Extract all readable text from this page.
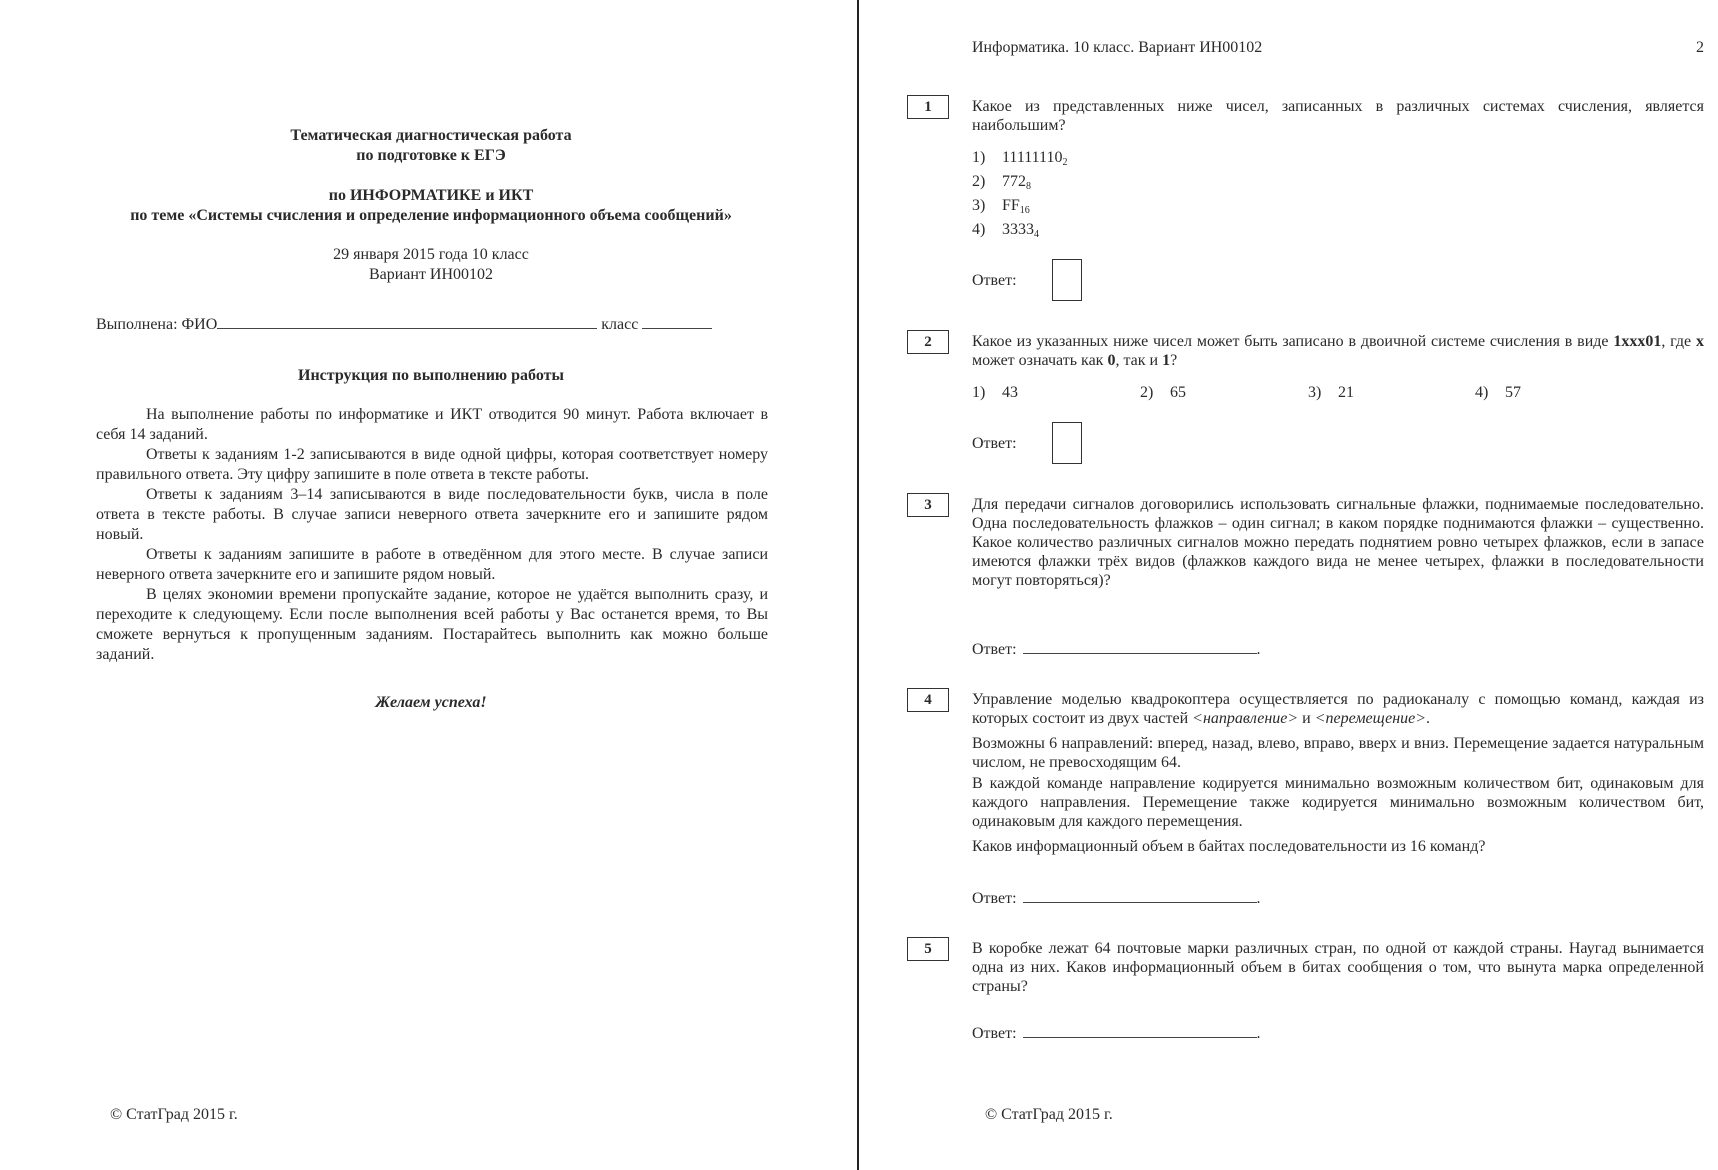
Тематическая диагностическая работа
по подготовке к ЕГЭ
по ИНФОРМАТИКЕ и ИКТ
по теме «Системы счисления и определение информационного объема сообщений»
29 января 2015 года 10 класс
Вариант ИН00102
Выполнена: ФИО	класс
Инструкция по выполнению работы

На выполнение работы по информатике и ИКТ отводится 90 минут. Работа включает в себя 14 заданий.

Ответы к заданиям 1-2 записываются в виде одной цифры, которая соответствует номеру правильного ответа. Эту цифру запишите в поле ответа в тексте работы.

Ответы к заданиям 3–14 записываются в виде последовательности букв, числа в поле ответа в тексте работы. В случае записи неверного ответа зачеркните его и запишите рядом новый.

Ответы к заданиям запишите в работе в отведённом для этого месте. В случае записи неверного ответа зачеркните его и запишите рядом новый.

В целях экономии времени пропускайте задание, которое не удаётся выполнить сразу, и переходите к следующему. Если после выполнения всей работы у Вас останется время, то Вы сможете вернуться к пропущенным заданиям. Постарайтесь выполнить как можно больше заданий.

Желаем успеха!
© СтатГрад 2015 г.
Информатика. 10 класс. Вариант ИН00102	2
1	Какое из представленных ниже чисел, записанных в различных системах счисления, является наибольшим?
1) $11111110_2$
2) $772_8$
3) $FF_{16}$
4) $3333_4$
Ответ:
2	Какое из указанных ниже чисел может быть записано в двоичной системе счисления в виде 1xxx01, где x может означать как 0, так и 1?
1) 43	2) 65	3) 21	4) 57
Ответ:
3	Для передачи сигналов договорились использовать сигнальные флажки, поднимаемые последовательно. Одна последовательность флажков – один сигнал; в каком порядке поднимаются флажки – существенно. Какое количество различных сигналов можно передать поднятием ровно четырех флажков, если в запасе имеются флажки трёх видов (флажков каждого вида не менее четырех, флажки в последовательности могут повторяться)?
Ответ:	.
4	Управление моделью квадрокоптера осуществляется по радиоканалу с помощью команд, каждая из которых состоит из двух частей <направление> и <перемещение>.

Возможны 6 направлений: вперед, назад, влево, вправо, вверх и вниз. Перемещение задается натуральным числом, не превосходящим 64.

В каждой команде направление кодируется минимально возможным количеством бит, одинаковым для каждого направления. Перемещение также кодируется минимально возможным количеством бит, одинаковым для каждого перемещения.

Каков информационный объем в байтах последовательности из 16 команд?

Ответ:	.
5	В коробке лежат 64 почтовые марки различных стран, по одной от каждой страны. Наугад вынимается одна из них. Каков информационный объем в битах сообщения о том, что вынута марка определенной страны?
Ответ:	.
© СтатГрад 2015 г.
